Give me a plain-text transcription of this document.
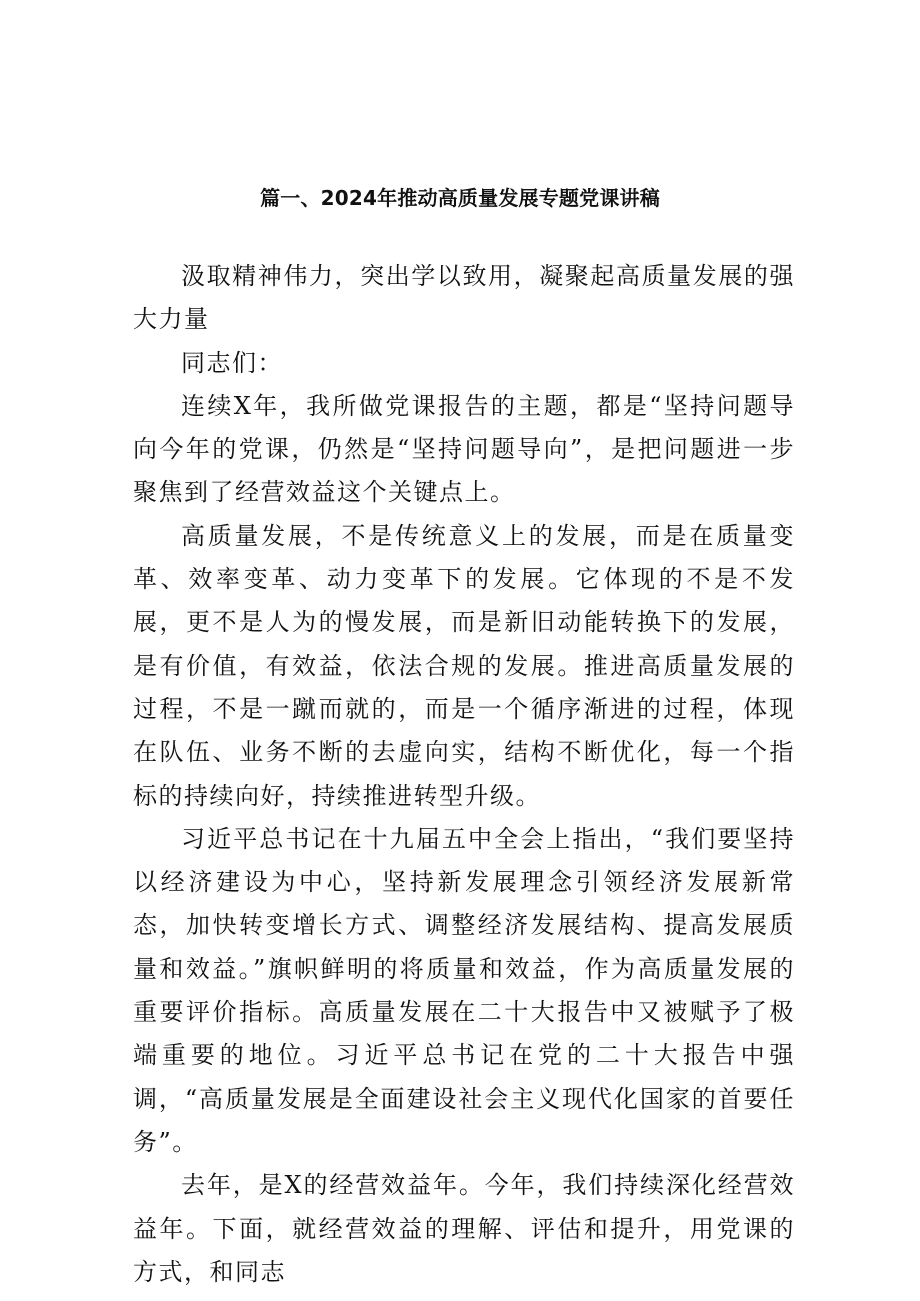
篇一、2024年推动高质量发展专题党课讲稿

汲取精神伟力，突出学以致用，凝聚起高质量发展的强大力量

同志们：

连续X年，我所做党课报告的主题，都是“坚持问题导向今年的党课，仍然是“坚持问题导向”，是把问题进一步聚焦到了经营效益这个关键点上。

高质量发展，不是传统意义上的发展，而是在质量变革、效率变革、动力变革下的发展。它体现的不是不发展，更不是人为的慢发展，而是新旧动能转换下的发展，是有价值，有效益，依法合规的发展。推进高质量发展的过程，不是一蹴而就的，而是一个循序渐进的过程，体现在队伍、业务不断的去虚向实，结构不断优化，每一个指标的持续向好，持续推进转型升级。

习近平总书记在十九届五中全会上指出，“我们要坚持以经济建设为中心，坚持新发展理念引领经济发展新常态，加快转变增长方式、调整经济发展结构、提高发展质量和效益。”旗帜鲜明的将质量和效益，作为高质量发展的重要评价指标。高质量发展在二十大报告中又被赋予了极端重要的地位。习近平总书记在党的二十大报告中强调，“高质量发展是全面建设社会主义现代化国家的首要任务”。

去年，是X的经营效益年。今年，我们持续深化经营效益年。下面，就经营效益的理解、评估和提升，用党课的方式，和同志
